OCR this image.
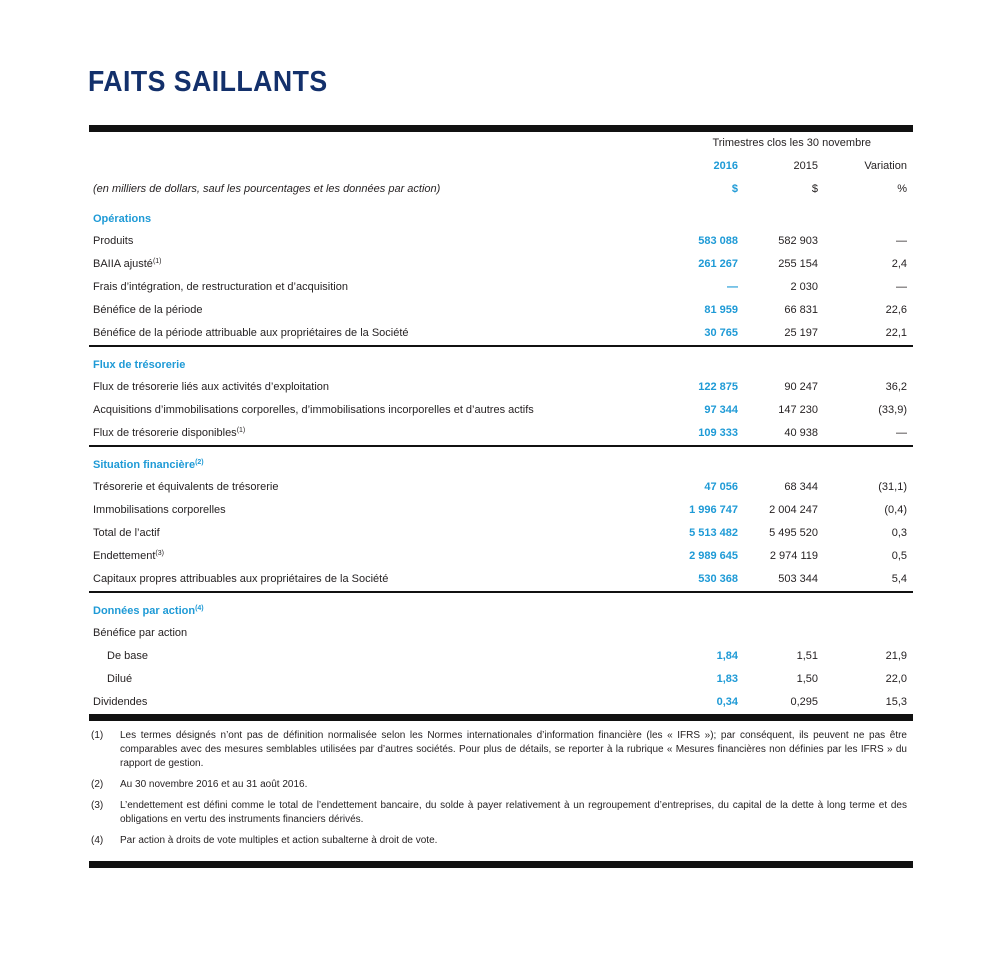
FAITS SAILLANTS
Trimestres clos les 30 novembre
2016	2015	Variation
(en milliers de dollars, sauf les pourcentages et les données par action)	$	$	%
Opérations
Produits	583 088	582 903	—
BAIIA ajusté$^{(1)}$	261 267	255 154	2,4
Frais d’intégration, de restructuration et d’acquisition	—	2 030	—
Bénéfice de la période	81 959	66 831	22,6
Bénéfice de la période attribuable aux propriétaires de la Société	30 765	25 197	22,1
Flux de trésorerie
Flux de trésorerie liés aux activités d’exploitation	122 875	90 247	36,2
Acquisitions d’immobilisations corporelles, d’immobilisations incorporelles et d’autres actifs	97 344	147 230	(33,9)
Flux de trésorerie disponibles$^{(1)}$	109 333	40 938	—
Situation financière$^{(2)}$
Trésorerie et équivalents de trésorerie	47 056	68 344	(31,1)
Immobilisations corporelles	1 996 747	2 004 247	(0,4)
Total de l’actif	5 513 482	5 495 520	0,3
Endettement$^{(3)}$	2 989 645	2 974 119	0,5
Capitaux propres attribuables aux propriétaires de la Société	530 368	503 344	5,4
Données par action$^{(4)}$
Bénéfice par action
De base	1,84	1,51	21,9
Dilué	1,83	1,50	22,0
Dividendes	0,34	0,295	15,3
(1) Les termes désignés n’ont pas de définition normalisée selon les Normes internationales d’information financière (les « IFRS »); par conséquent, ils peuvent ne pas être comparables avec des mesures semblables utilisées par d’autres sociétés. Pour plus de détails, se reporter à la rubrique « Mesures financières non définies par les IFRS » du rapport de gestion.
(2) Au 30 novembre 2016 et au 31 août 2016.
(3) L’endettement est défini comme le total de l’endettement bancaire, du solde à payer relativement à un regroupement d’entreprises, du capital de la dette à long terme et des obligations en vertu des instruments financiers dérivés.
(4) Par action à droits de vote multiples et action subalterne à droit de vote.
